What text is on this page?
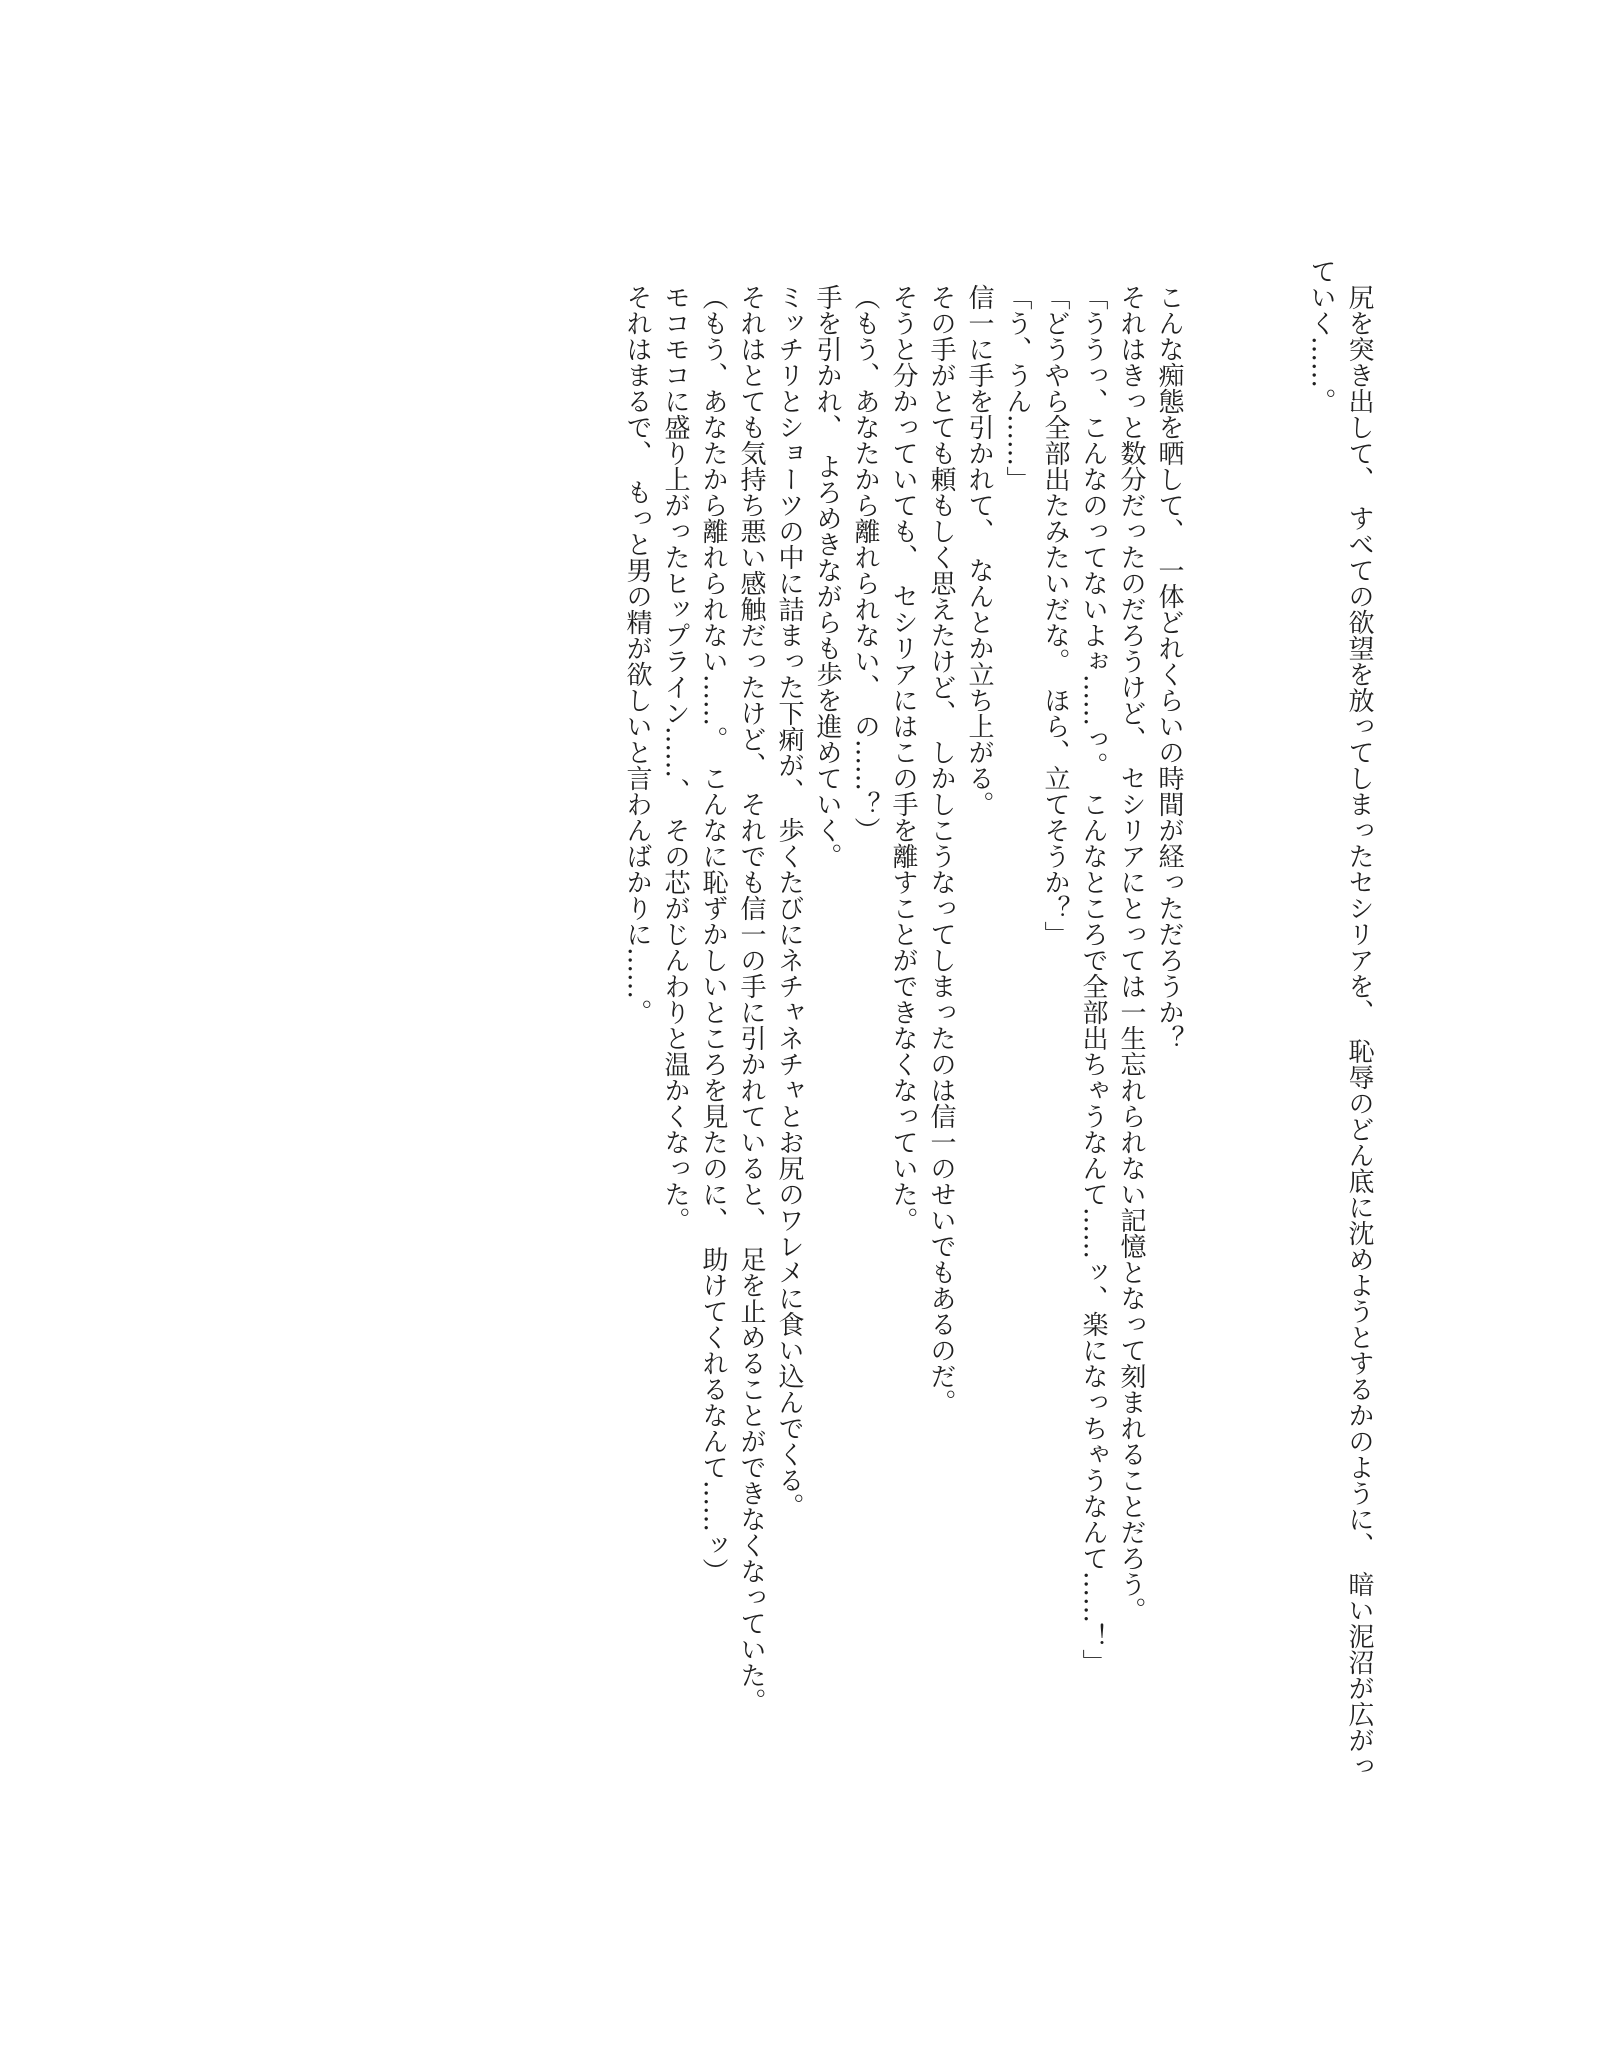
尻を突き出して、　すべての欲望を放ってしまったセシリアを、　恥辱のどん底に沈めようとするかのように、　暗い泥沼が広がっていく……。

こんな痴態を晒して、　一体どれくらいの時間が経っただろうか？

それはきっと数分だったのだろうけど、　セシリアにとっては一生忘れられない記憶となって刻まれることだろう。

「ううっ、こんなのってないよぉ……っ。　こんなところで全部出ちゃうなんて……ッ、楽になっちゃうなんて……！」

「どうやら全部出たみたいだな。　ほら、立てそうか？」

「う、うん……」

信一に手を引かれて、　なんとか立ち上がる。

その手がとても頼もしく思えたけど、　しかしこうなってしまったのは信一のせいでもあるのだ。

そうと分かっていても、　セシリアにはこの手を離すことができなくなっていた。

（もう、あなたから離れられない、　の……？）

手を引かれ、　よろめきながらも歩を進めていく。

ミッチリとショーツの中に詰まった下痢が、　歩くたびにネチャネチャとお尻のワレメに食い込んでくる。

それはとても気持ち悪い感触だったけど、　それでも信一の手に引かれていると、　足を止めることができなくなっていた。

（もう、あなたから離れられない……。　こんなに恥ずかしいところを見たのに、　助けてくれるなんて……ッ）

モコモコに盛り上がったヒップライン……、　その芯がじんわりと温かくなった。

それはまるで、　もっと男の精が欲しいと言わんばかりに……。
